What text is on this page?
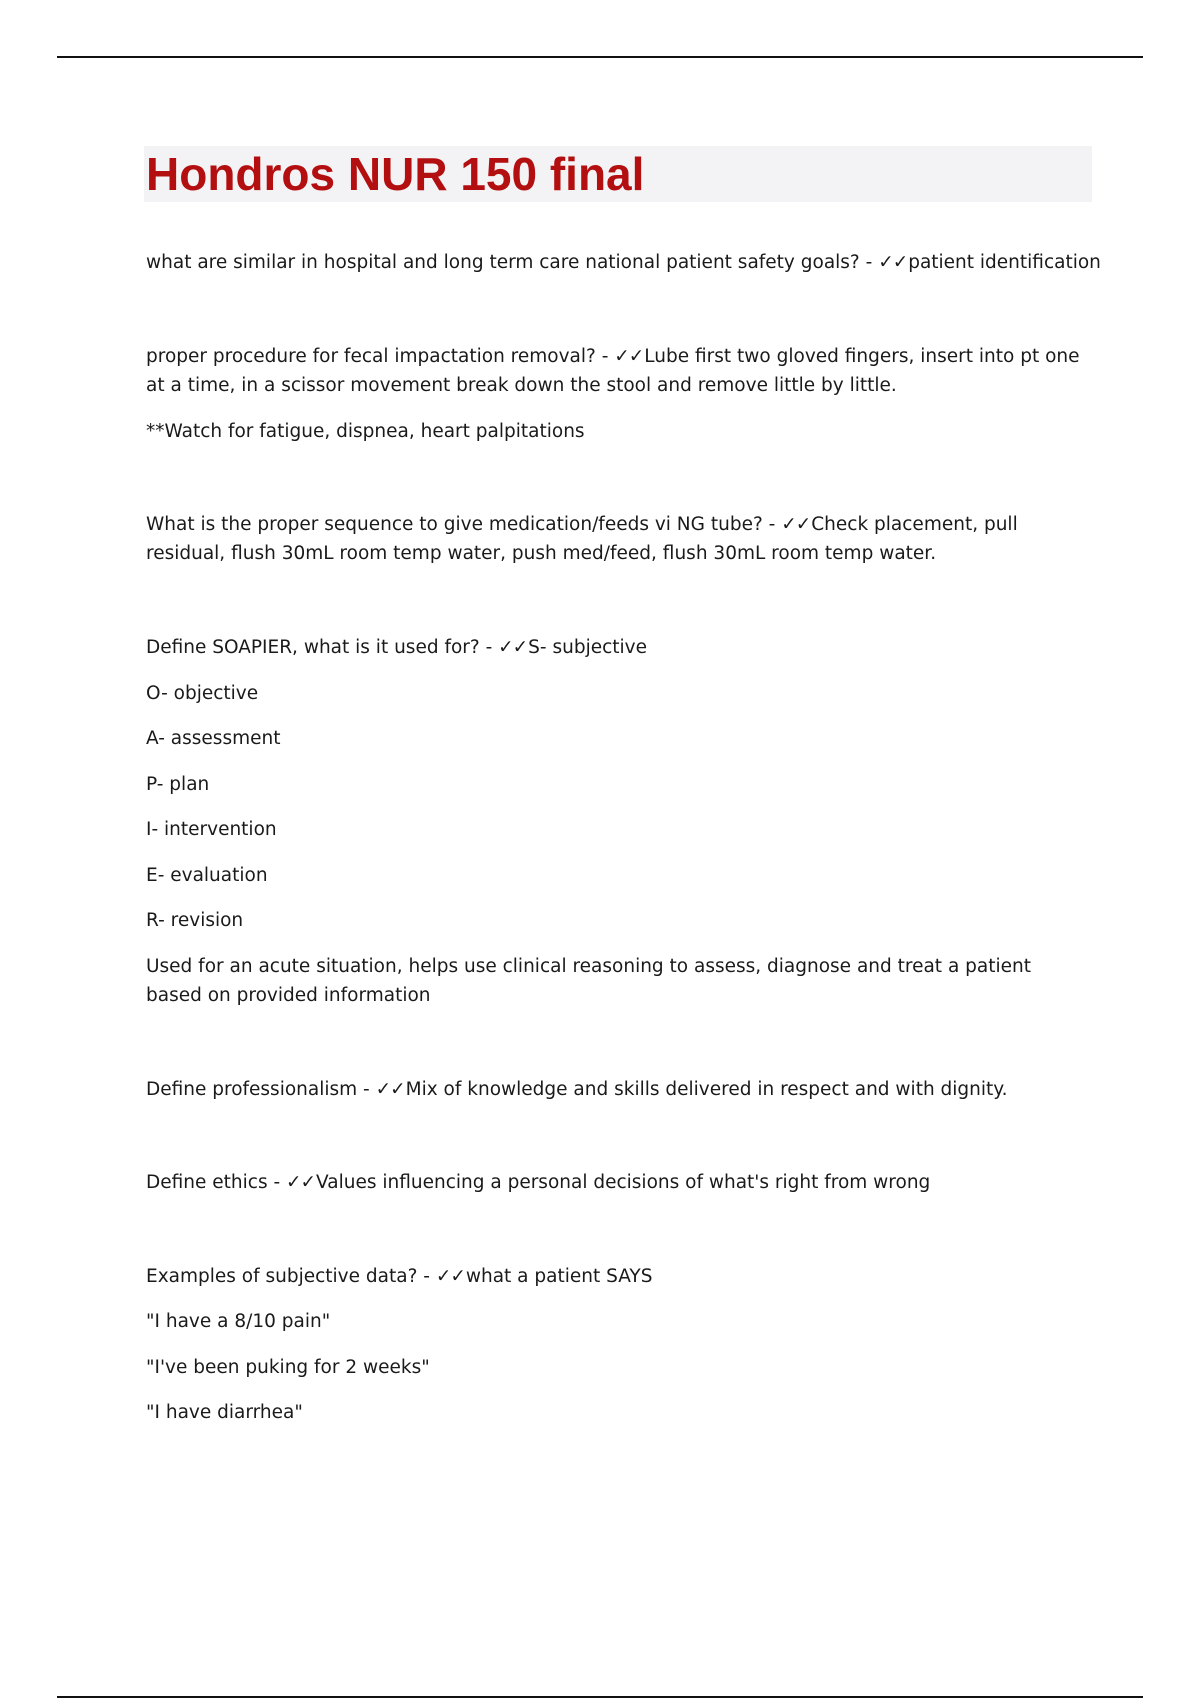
Hondros NUR 150 final

what are similar in hospital and long term care national patient safety goals? - ✓✓patient identification

proper procedure for fecal impactation removal? - ✓✓Lube first two gloved fingers, insert into pt one at a time, in a scissor movement break down the stool and remove little by little.

**Watch for fatigue, dispnea, heart palpitations

What is the proper sequence to give medication/feeds vi NG tube? - ✓✓Check placement, pull residual, flush 30mL room temp water, push med/feed, flush 30mL room temp water.

Define SOAPIER, what is it used for? - ✓✓S- subjective

O- objective

A- assessment

P- plan

I- intervention

E- evaluation

R- revision

Used for an acute situation, helps use clinical reasoning to assess, diagnose and treat a patient based on provided information

Define professionalism - ✓✓Mix of knowledge and skills delivered in respect and with dignity.

Define ethics - ✓✓Values influencing a personal decisions of what's right from wrong

Examples of subjective data? - ✓✓what a patient SAYS

"I have a 8/10 pain"

"I've been puking for 2 weeks"

"I have diarrhea"
